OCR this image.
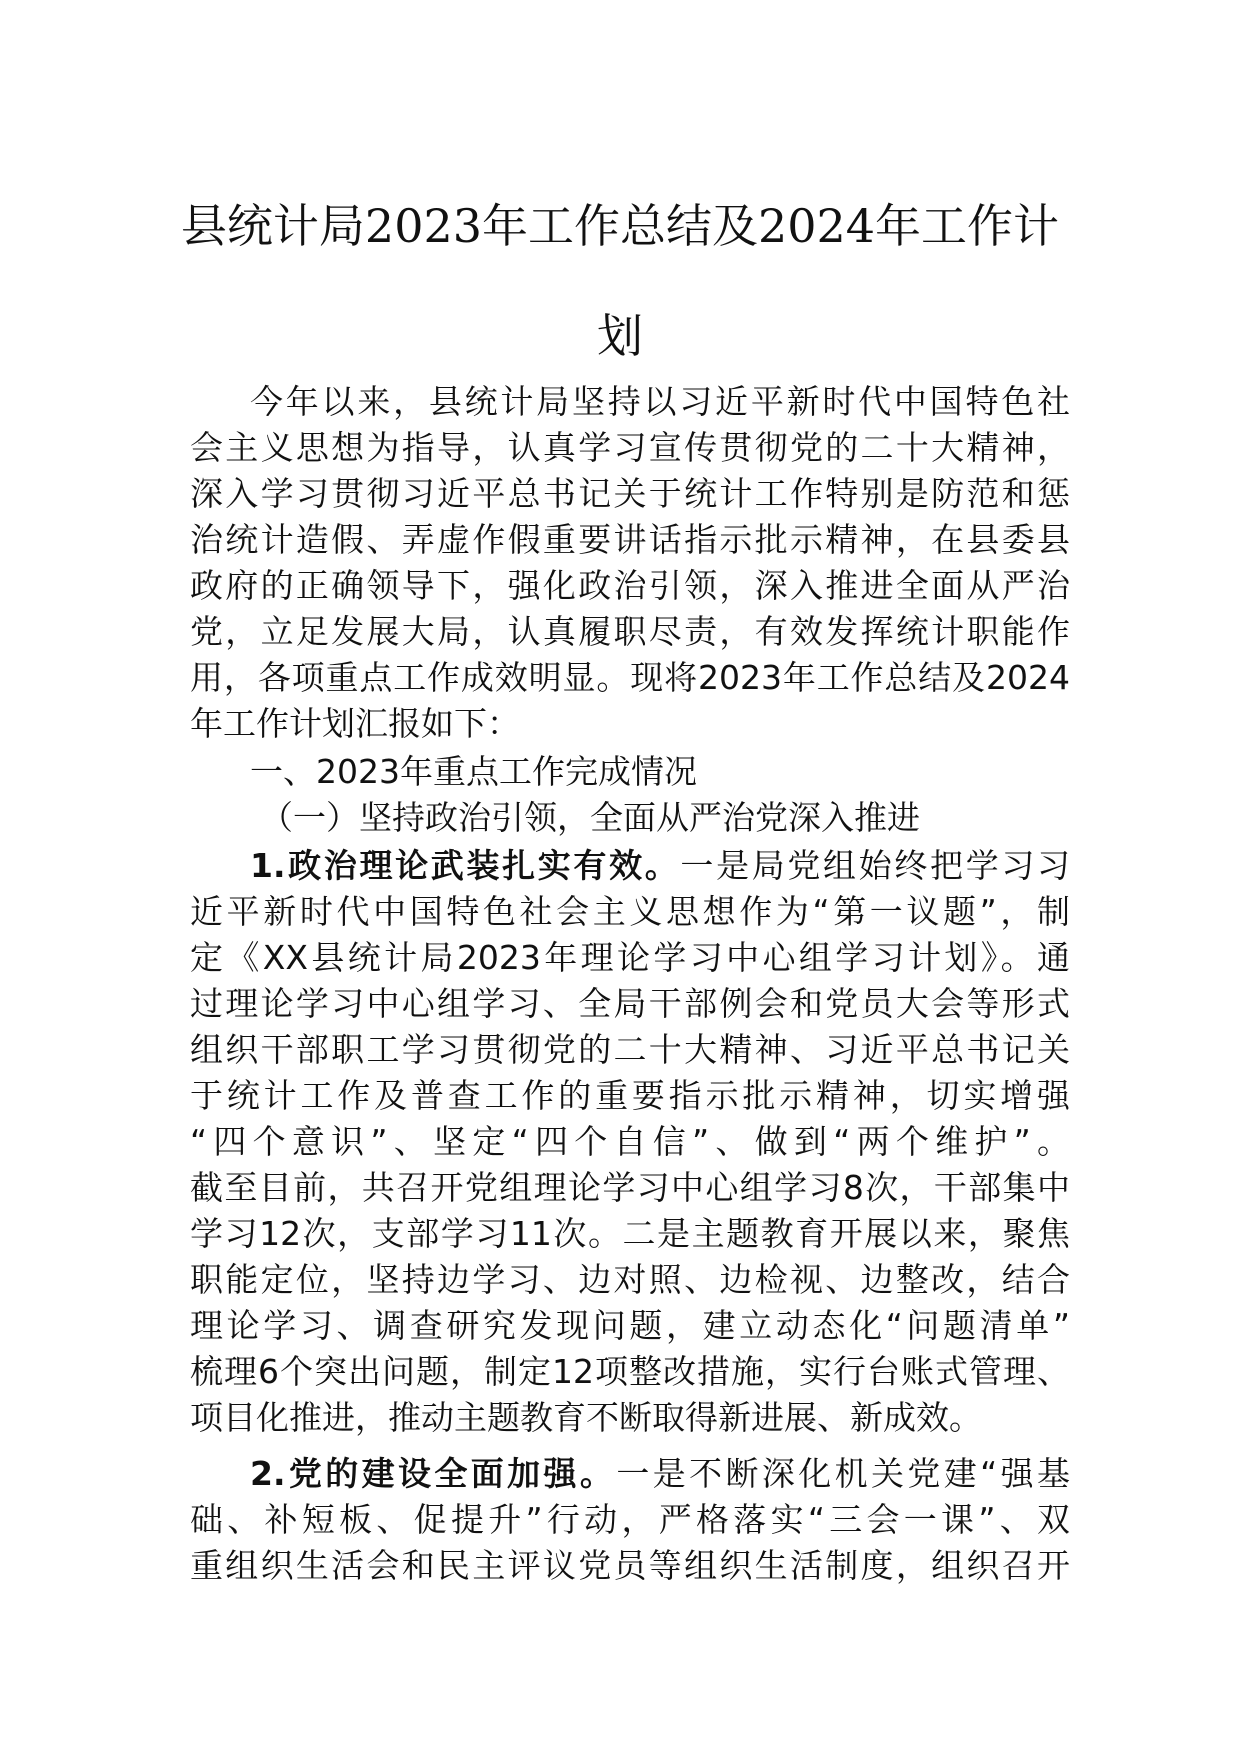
县统计局2023年工作总结及2024年工作计
划

今年以来，县统计局坚持以习近平新时代中国特色社

会主义思想为指导，认真学习宣传贯彻党的二十大精神，

深入学习贯彻习近平总书记关于统计工作特别是防范和惩

治统计造假、弄虚作假重要讲话指示批示精神，在县委县

政府的正确领导下，强化政治引领，深入推进全面从严治

党，立足发展大局，认真履职尽责，有效发挥统计职能作

用，各项重点工作成效明显。现将2023年工作总结及2024

年工作计划汇报如下：

一、2023年重点工作完成情况

（一）坚持政治引领，全面从严治党深入推进

1.政治理论武装扎实有效。一是局党组始终把学习习

近平新时代中国特色社会主义思想作为“第一议题”，制

定《XX县统计局2023年理论学习中心组学习计划》。通

过理论学习中心组学习、全局干部例会和党员大会等形式

组织干部职工学习贯彻党的二十大精神、习近平总书记关

于统计工作及普查工作的重要指示批示精神，切实增强

“四个意识”、坚定“四个自信”、做到“两个维护”。

截至目前，共召开党组理论学习中心组学习8次，干部集中

学习12次，支部学习11次。二是主题教育开展以来，聚焦

职能定位，坚持边学习、边对照、边检视、边整改，结合

理论学习、调查研究发现问题，建立动态化“问题清单”

梳理6个突出问题，制定12项整改措施，实行台账式管理、

项目化推进，推动主题教育不断取得新进展、新成效。

2.党的建设全面加强。一是不断深化机关党建“强基

础、补短板、促提升”行动，严格落实“三会一课”、双

重组织生活会和民主评议党员等组织生活制度，组织召开
